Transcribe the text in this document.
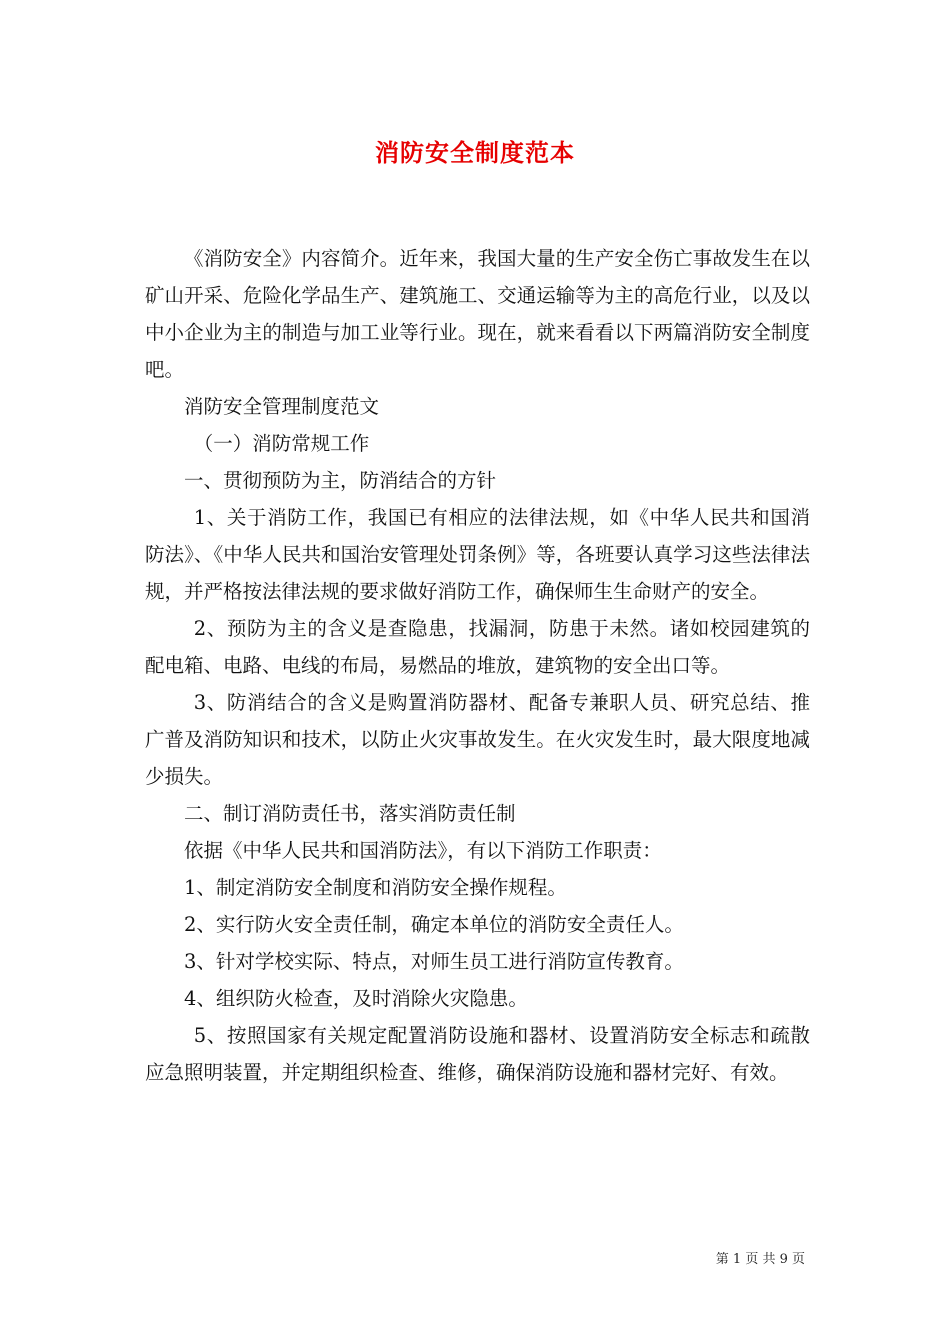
消防安全制度范本

《消防安全》内容简介。近年来，我国大量的生产安全伤亡事故发生在以矿山开采、危险化学品生产、建筑施工、交通运输等为主的高危行业，以及以中小企业为主的制造与加工业等行业。现在，就来看看以下两篇消防安全制度吧。

消防安全管理制度范文

（一）消防常规工作

一、贯彻预防为主，防消结合的方针

1、关于消防工作，我国已有相应的法律法规，如《中华人民共和国消防法》、《中华人民共和国治安管理处罚条例》等，各班要认真学习这些法律法规，并严格按法律法规的要求做好消防工作，确保师生生命财产的安全。

2、预防为主的含义是查隐患，找漏洞，防患于未然。诸如校园建筑的配电箱、电路、电线的布局，易燃品的堆放，建筑物的安全出口等。

3、防消结合的含义是购置消防器材、配备专兼职人员、研究总结、推广普及消防知识和技术，以防止火灾事故发生。在火灾发生时，最大限度地减少损失。

二、制订消防责任书，落实消防责任制

依据《中华人民共和国消防法》，有以下消防工作职责：

1、制定消防安全制度和消防安全操作规程。

2、实行防火安全责任制，确定本单位的消防安全责任人。

3、针对学校实际、特点，对师生员工进行消防宣传教育。

4、组织防火检查，及时消除火灾隐患。

5、按照国家有关规定配置消防设施和器材、设置消防安全标志和疏散应急照明装置，并定期组织检查、维修，确保消防设施和器材完好、有效。

第 1 页 共 9 页
